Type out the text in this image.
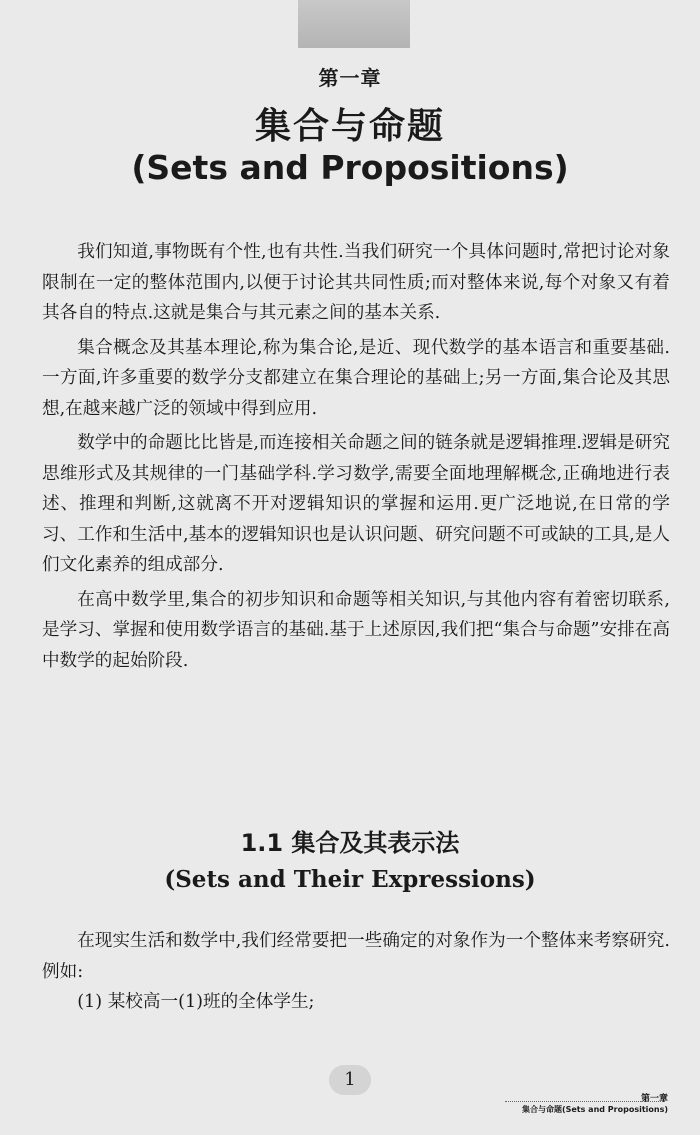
第一章
集合与命题
(Sets and Propositions)

我们知道,事物既有个性,也有共性.当我们研究一个具体问题时,常把讨论对象限制在一定的整体范围内,以便于讨论其共同性质;而对整体来说,每个对象又有着其各自的特点.这就是集合与其元素之间的基本关系.

集合概念及其基本理论,称为集合论,是近、现代数学的基本语言和重要基础.一方面,许多重要的数学分支都建立在集合理论的基础上;另一方面,集合论及其思想,在越来越广泛的领域中得到应用.

数学中的命题比比皆是,而连接相关命题之间的链条就是逻辑推理.逻辑是研究思维形式及其规律的一门基础学科.学习数学,需要全面地理解概念,正确地进行表述、推理和判断,这就离不开对逻辑知识的掌握和运用.更广泛地说,在日常的学习、工作和生活中,基本的逻辑知识也是认识问题、研究问题不可或缺的工具,是人们文化素养的组成部分.

在高中数学里,集合的初步知识和命题等相关知识,与其他内容有着密切联系,是学习、掌握和使用数学语言的基础.基于上述原因,我们把“集合与命题”安排在高中数学的起始阶段.

1.1 集合及其表示法
(Sets and Their Expressions)

在现实生活和数学中,我们经常要把一些确定的对象作为一个整体来考察研究.例如:

(1) 某校高一(1)班的全体学生;

1
第一章
集合与命题(Sets and Propositions)
